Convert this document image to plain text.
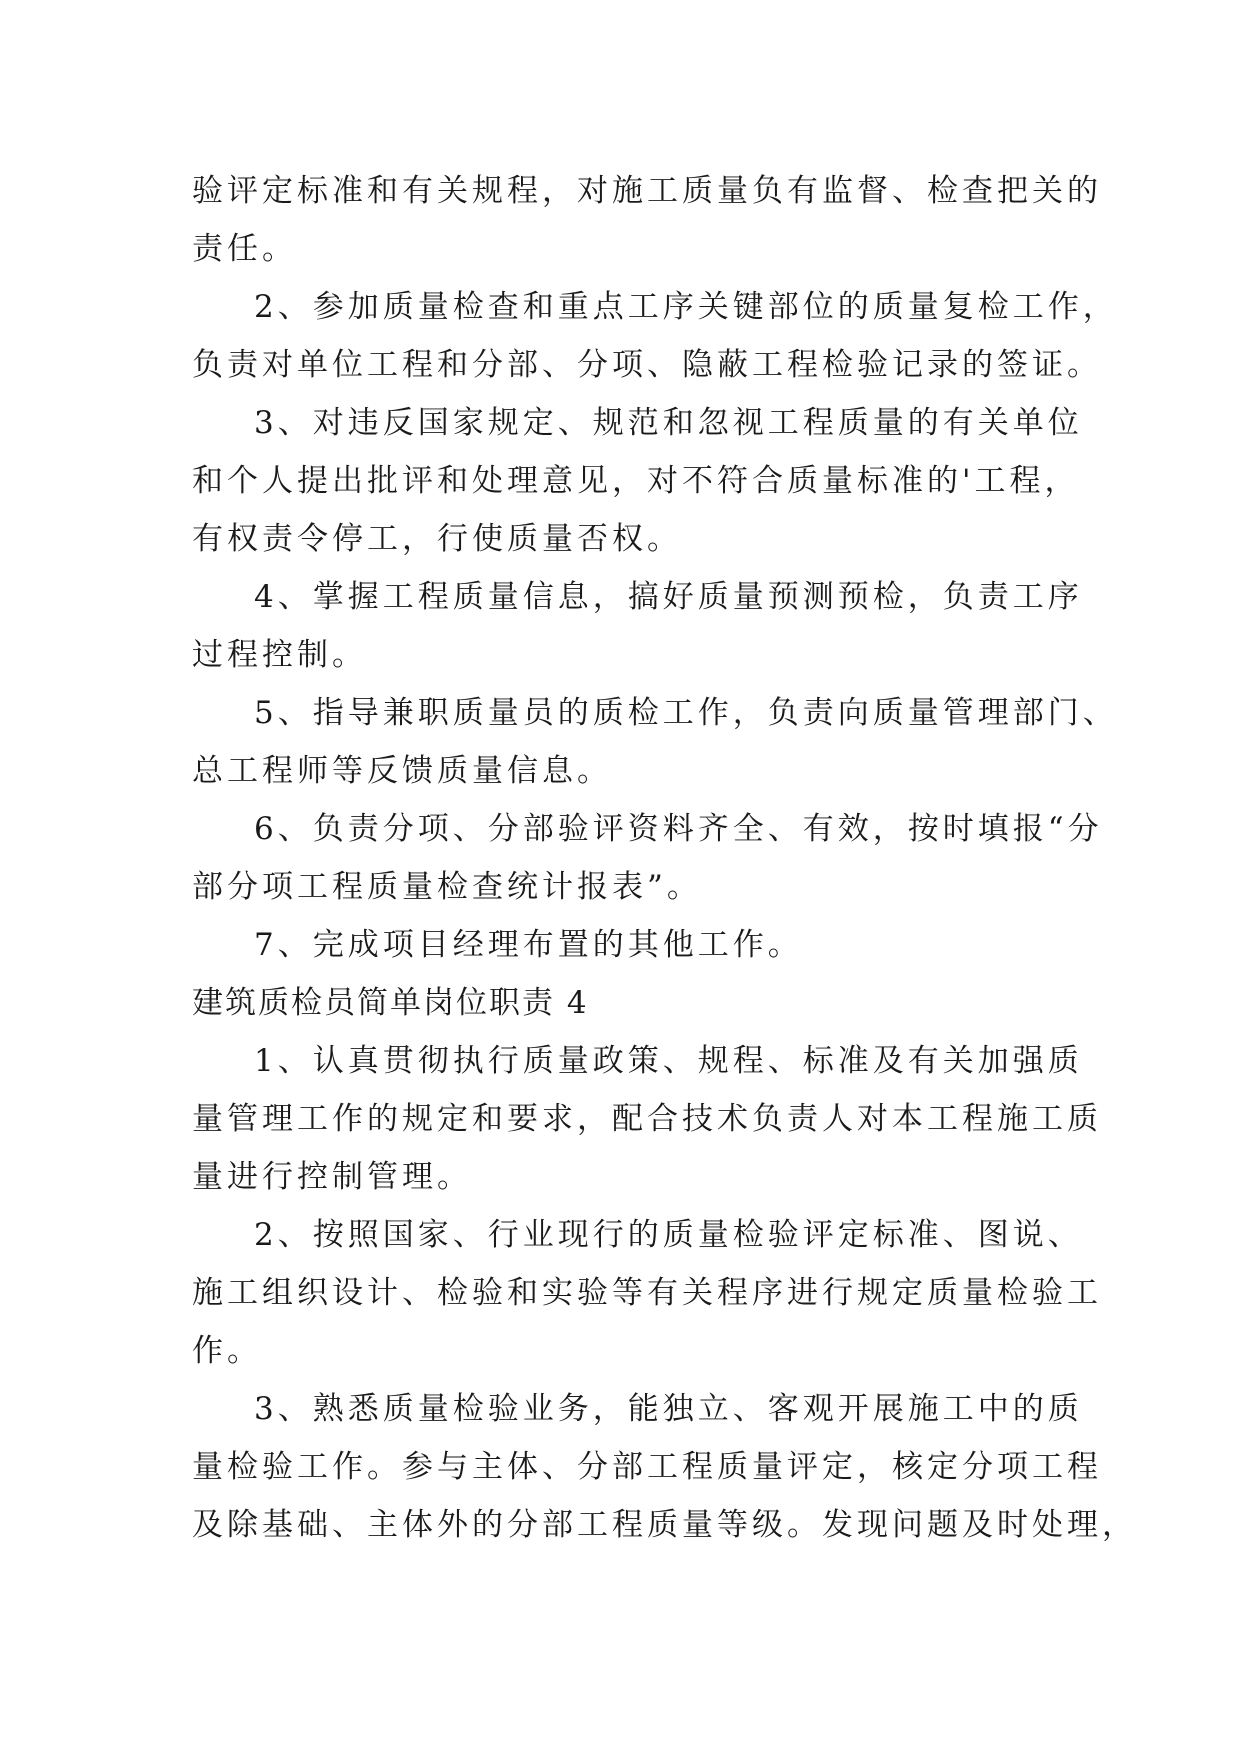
验评定标准和有关规程，对施工质量负有监督、检查把关的
责任。
2、参加质量检查和重点工序关键部位的质量复检工作，
负责对单位工程和分部、分项、隐蔽工程检验记录的签证。
3、对违反国家规定、规范和忽视工程质量的有关单位
和个人提出批评和处理意见，对不符合质量标准的'工程，
有权责令停工，行使质量否权。
4、掌握工程质量信息，搞好质量预测预检，负责工序
过程控制。
5、指导兼职质量员的质检工作，负责向质量管理部门、
总工程师等反馈质量信息。
6、负责分项、分部验评资料齐全、有效，按时填报“分
部分项工程质量检查统计报表”。
7、完成项目经理布置的其他工作。
建筑质检员简单岗位职责 4
1、认真贯彻执行质量政策、规程、标准及有关加强质
量管理工作的规定和要求，配合技术负责人对本工程施工质
量进行控制管理。
2、按照国家、行业现行的质量检验评定标准、图说、
施工组织设计、检验和实验等有关程序进行规定质量检验工
作。
3、熟悉质量检验业务，能独立、客观开展施工中的质
量检验工作。参与主体、分部工程质量评定，核定分项工程
及除基础、主体外的分部工程质量等级。发现问题及时处理，
